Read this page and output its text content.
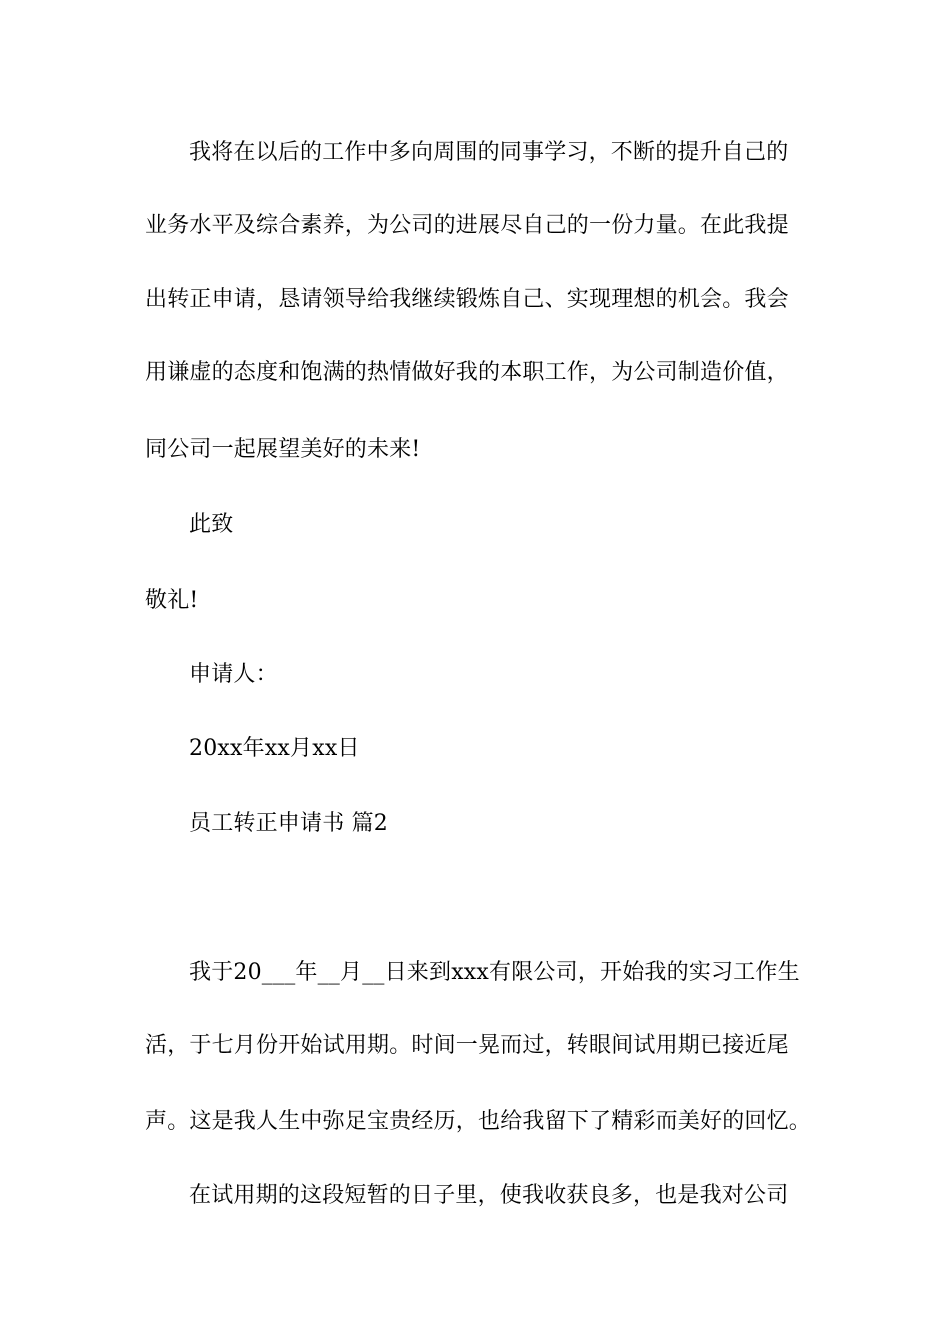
我将在以后的工作中多向周围的同事学习，不断的提升自己的
业务水平及综合素养，为公司的进展尽自己的一份力量。在此我提
出转正申请，恳请领导给我继续锻炼自己、实现理想的机会。我会
用谦虚的态度和饱满的热情做好我的本职工作，为公司制造价值，
同公司一起展望美好的未来!
此致
敬礼!
申请人：
20xx年xx月xx日
员工转正申请书 篇2
我于20___年__月__日来到xxx有限公司，开始我的实习工作生
活，于七月份开始试用期。时间一晃而过，转眼间试用期已接近尾
声。这是我人生中弥足宝贵经历，也给我留下了精彩而美好的回忆。
在试用期的这段短暂的日子里，使我收获良多，也是我对公司
